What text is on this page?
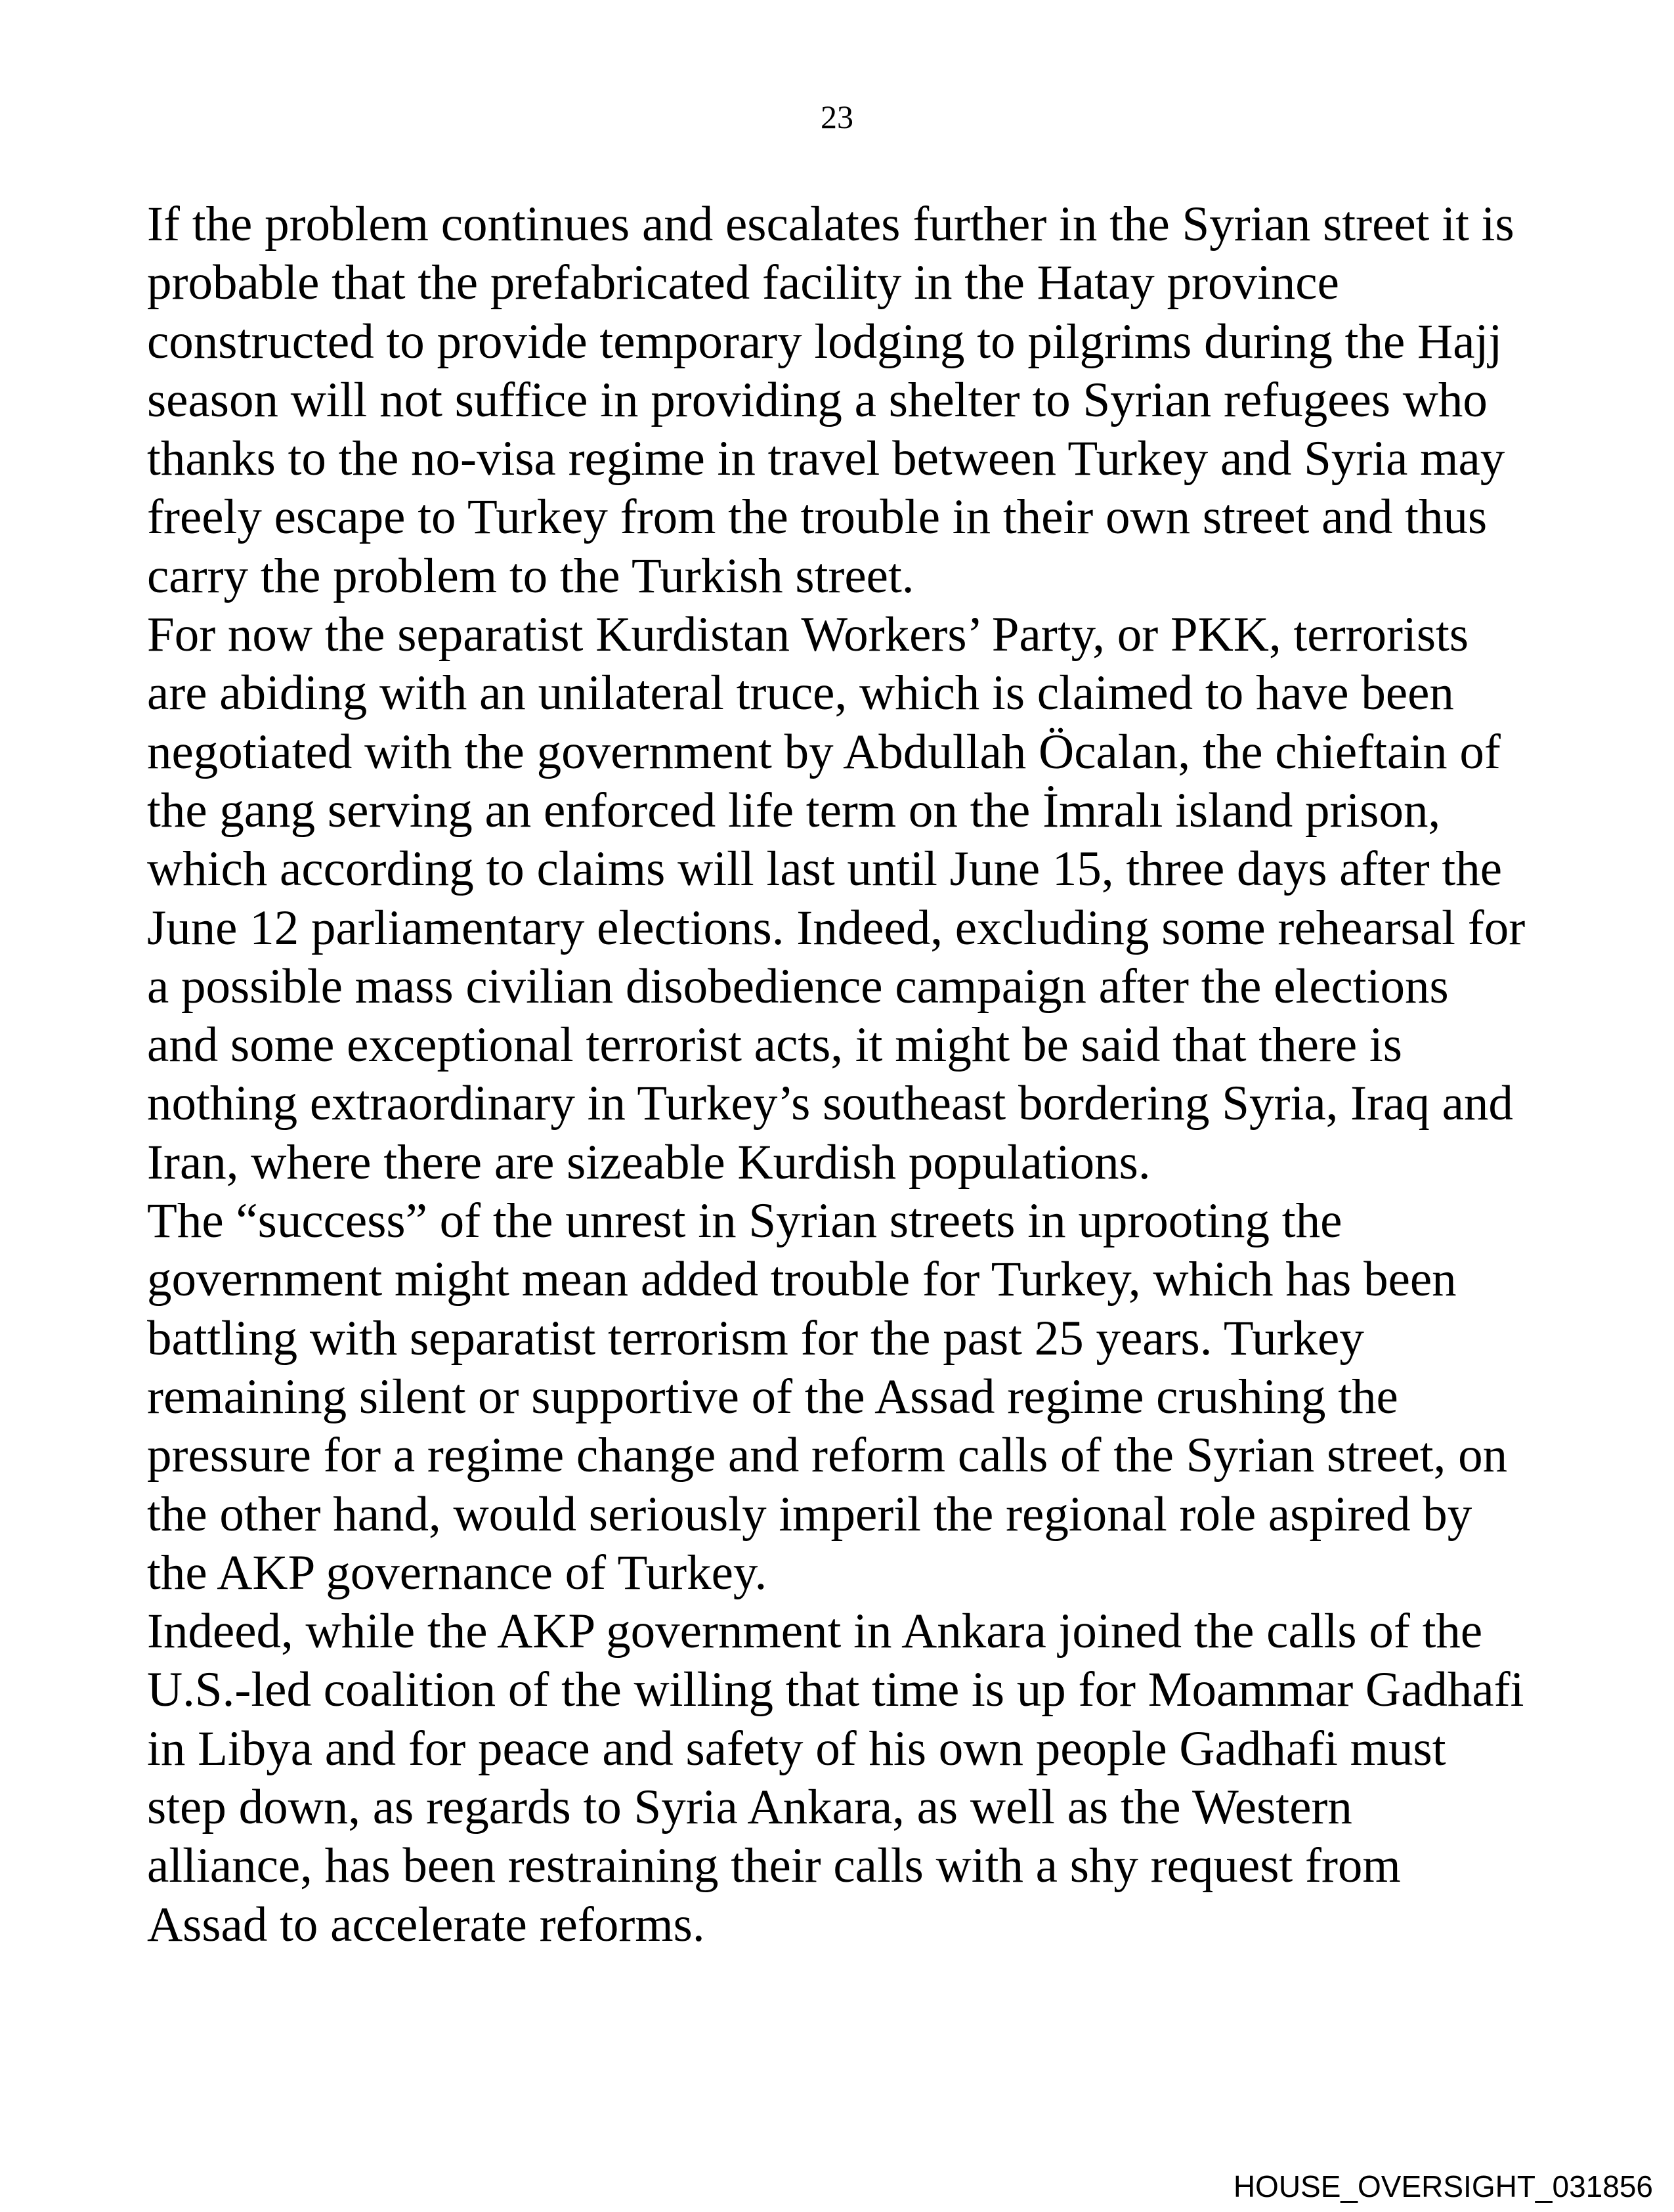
23
If the problem continues and escalates further in the Syrian street it is
probable that the prefabricated facility in the Hatay province
constructed to provide temporary lodging to pilgrims during the Hajj
season will not suffice in providing a shelter to Syrian refugees who
thanks to the no-visa regime in travel between Turkey and Syria may
freely escape to Turkey from the trouble in their own street and thus
carry the problem to the Turkish street.
For now the separatist Kurdistan Workers’ Party, or PKK, terrorists
are abiding with an unilateral truce, which is claimed to have been
negotiated with the government by Abdullah Öcalan, the chieftain of
the gang serving an enforced life term on the İmralı island prison,
which according to claims will last until June 15, three days after the
June 12 parliamentary elections. Indeed, excluding some rehearsal for
a possible mass civilian disobedience campaign after the elections
and some exceptional terrorist acts, it might be said that there is
nothing extraordinary in Turkey’s southeast bordering Syria, Iraq and
Iran, where there are sizeable Kurdish populations.
The “success” of the unrest in Syrian streets in uprooting the
government might mean added trouble for Turkey, which has been
battling with separatist terrorism for the past 25 years. Turkey
remaining silent or supportive of the Assad regime crushing the
pressure for a regime change and reform calls of the Syrian street, on
the other hand, would seriously imperil the regional role aspired by
the AKP governance of Turkey.
Indeed, while the AKP government in Ankara joined the calls of the
U.S.-led coalition of the willing that time is up for Moammar Gadhafi
in Libya and for peace and safety of his own people Gadhafi must
step down, as regards to Syria Ankara, as well as the Western
alliance, has been restraining their calls with a shy request from
Assad to accelerate reforms.
HOUSE_OVERSIGHT_031856
